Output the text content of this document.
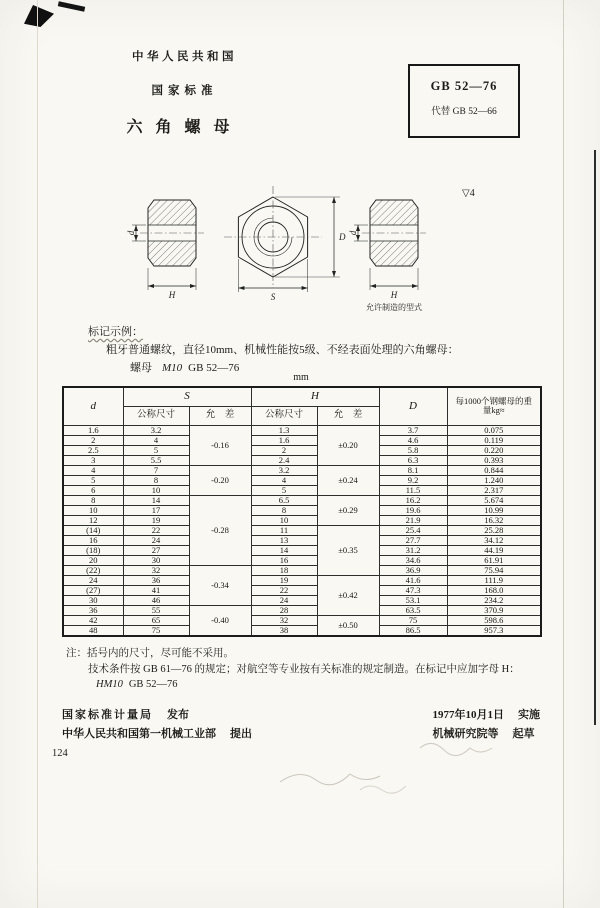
中华人民共和国
国家标准
六角螺母
GB 52—76
代替 GB 52—66
▽4
d
H	S
D d
H
允许制造的型式
标记示例：
粗牙普通螺纹，直径10mm、机械性能按5级、不经表面处理的六角螺母：
螺母 M10 GB 52—76
mm
d	S		H		D	每1000个钢螺母的重量kg≈
	公称尺寸	允　差	公称尺寸	允　差		
1.6	3.2	-0.16	1.3	±0.20	3.7	0.075
2	4		1.6		4.6	0.119
2.5	5		2		5.8	0.220
3	5.5		2.4		6.3	0.393
4	7	-0.20	3.2	±0.24	8.1	0.844
5	8		4		9.2	1.240
6	10		5		11.5	2.317
8	14	-0.28	6.5	±0.29	16.2	5.674
10	17		8		19.6	10.99
12	19		10		21.9	16.32
(14)	22		11	±0.35	25.4	25.28
16	24		13		27.7	34.12
(18)	27		14		31.2	44.19
20	30		16		34.6	61.91
(22)	32	-0.34	18		36.9	75.94
24	36		19	±0.42	41.6	111.9
(27)	41		22		47.3	168.0
30	46		24		53.1	234.2
36	55	-0.40	28		63.5	370.9
42	65		32	±0.50	75	598.6
48	75		38		86.5	957.3
注：括号内的尺寸，尽可能不采用。
技术条件按 GB 61—76 的规定；对航空等专业按有关标准的规定制造。在标记中应加字母 H：
HM10 GB 52—76
国家标准计量局 发布
中华人民共和国第一机械工业部 提出
1977年10月1日 实施
机械研究院等 起草
124
